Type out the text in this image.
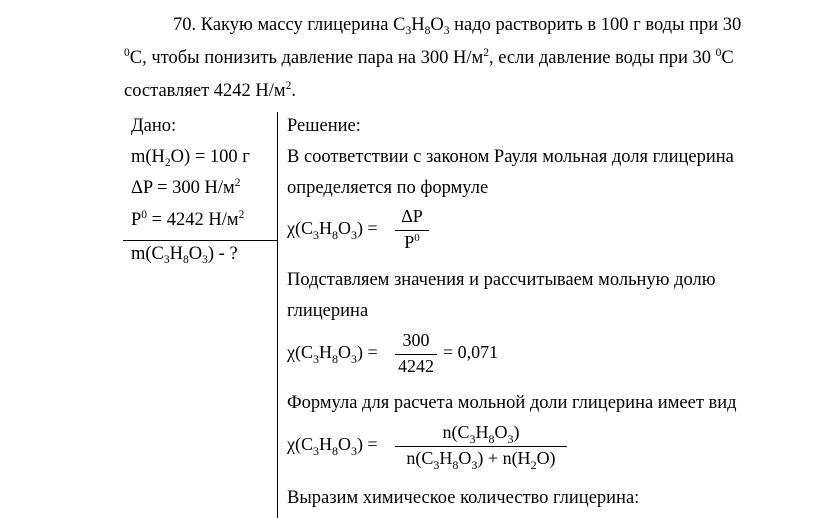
70. Какую массу глицерина $C_3H_8O_3$ надо растворить в 100 г воды при 30
$^0$C, чтобы понизить давление пара на 300 $Н/м^2$, если давление воды при 30 $^0$C
составляет 4242 $Н/м^2$.
Дано:
$m(H_2O) = 100$ г
ΔP = 300 $Н/м^2$
$P^0 = 4242$ $Н/м^2$
$m(C_3H_8O_3)$ - ?
Решение:
В соответствии с законом Рауля мольная доля глицерина
определяется по формуле
$\chi(C_3H_8O_3)$ =
ΔP
$P^0$
Подставляем значения и рассчитываем мольную долю
глицерина
$\chi(C_3H_8O_3)$ =
300
4242
= 0,071
Формула для расчета мольной доли глицерина имеет вид
$\chi(C_3H_8O_3)$ =
$n(C_3H_8O_3)$
$n(C_3H_8O_3) + n(H_2O)$
Выразим химическое количество глицерина:
